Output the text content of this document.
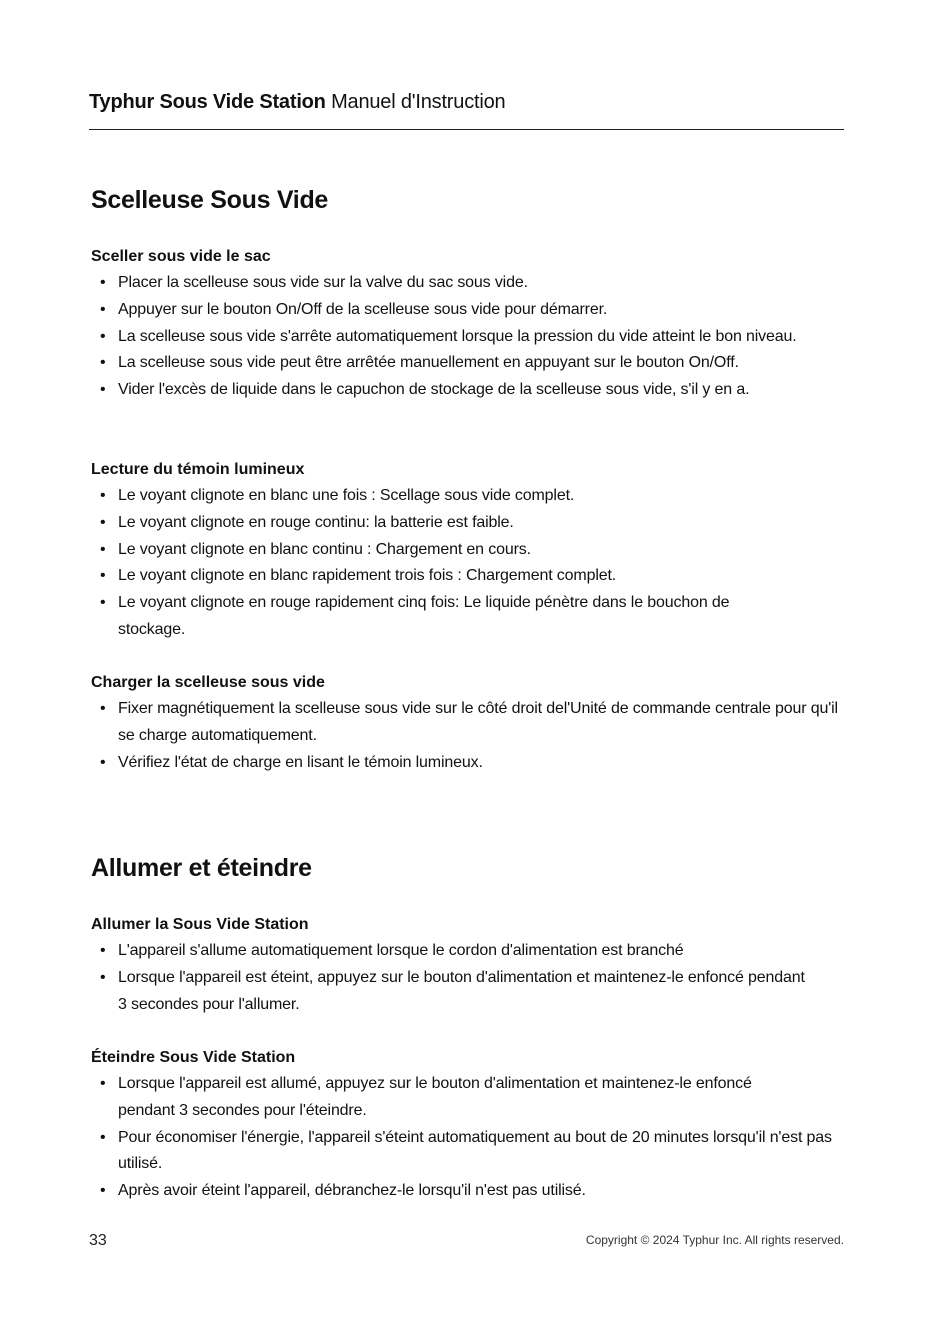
Typhur Sous Vide Station Manuel d'Instruction
Scelleuse Sous Vide
Sceller sous vide le sac
• Placer la scelleuse sous vide sur la valve du sac sous vide.
• Appuyer sur le bouton On/Off de la scelleuse sous vide pour démarrer.
• La scelleuse sous vide s'arrête automatiquement lorsque la pression du vide atteint le bon niveau.
• La scelleuse sous vide peut être arrêtée manuellement en appuyant sur le bouton On/Off.
• Vider l'excès de liquide dans le capuchon de stockage de la scelleuse sous vide, s'il y en a.
Lecture du témoin lumineux
• Le voyant clignote en blanc une fois : Scellage sous vide complet.
• Le voyant clignote en rouge continu: la batterie est faible.
• Le voyant clignote en blanc continu : Chargement en cours.
• Le voyant clignote en blanc rapidement trois fois : Chargement complet.
• Le voyant clignote en rouge rapidement cinq fois: Le liquide pénètre dans le bouchon de stockage.
Charger la scelleuse sous vide
• Fixer magnétiquement la scelleuse sous vide sur le côté droit del'Unité de commande centrale pour qu'il se charge automatiquement.
• Vérifiez l'état de charge en lisant le témoin lumineux.
Allumer et éteindre
Allumer la Sous Vide Station
• L'appareil s'allume automatiquement lorsque le cordon d'alimentation est branché
• Lorsque l'appareil est éteint, appuyez sur le bouton d'alimentation et maintenez-le enfoncé pendant 3 secondes pour l'allumer.
Éteindre Sous Vide Station
• Lorsque l'appareil est allumé, appuyez sur le bouton d'alimentation et maintenez-le enfoncé pendant 3 secondes pour l'éteindre.
• Pour économiser l'énergie, l'appareil s'éteint automatiquement au bout de 20 minutes lorsqu'il n'est pas utilisé.
• Après avoir éteint l'appareil, débranchez-le lorsqu'il n'est pas utilisé.
33	Copyright © 2024 Typhur Inc. All rights reserved.
